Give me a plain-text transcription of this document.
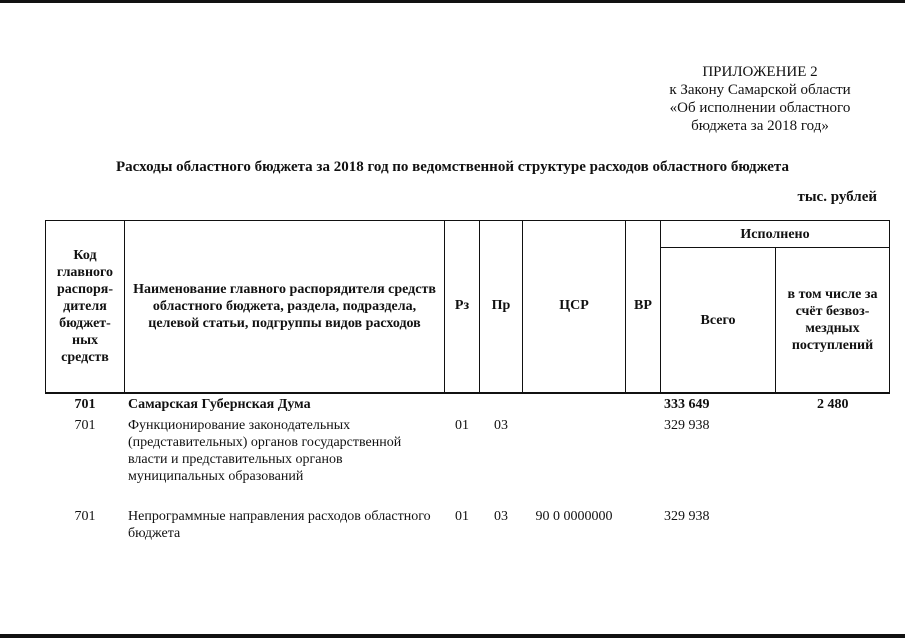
ПРИЛОЖЕНИЕ 2
к Закону Самарской области
«Об исполнении областного
бюджета за 2018 год»
Расходы областного бюджета за 2018 год по ведомственной структуре расходов областного бюджета
тыс. рублей
Код главного распоря-дителя бюджет-ных средств	Наименование главного распорядителя средств областного бюджета, раздела, подраздела, целевой статьи, подгруппы видов расходов	Рз	Пр	ЦСР	ВР	Исполнено	
						Всего	в том числе за счёт безвоз-мездных поступлений
701	Самарская Губернская Дума					333 649	2 480
701	Функционирование законодательных (представительных) органов государственной власти и представительных органов муниципальных образований	01	03			329 938	
701	Непрограммные направления расходов областного бюджета	01	03	90 0 0000000		329 938	
